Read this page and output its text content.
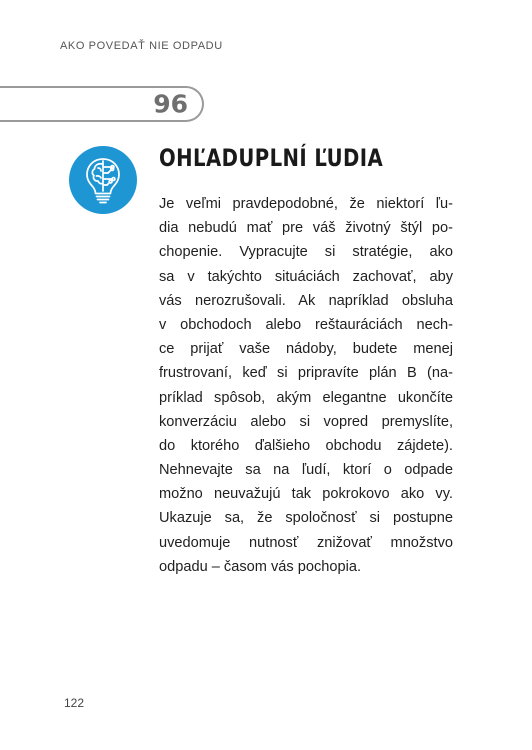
AKO POVEDAŤ NIE ODPADU
96
OHĽADUPLNÍ ĽUDIA
Je veľmi pravdepodobné, že niektorí ľu-
dia nebudú mať pre váš životný štýl po-
chopenie. Vypracujte si stratégie, ako
sa v takýchto situáciách zachovať, aby
vás nerozrušovali. Ak napríklad obsluha
v obchodoch alebo reštauráciách nech-
ce prijať vaše nádoby, budete menej
frustrovaní, keď si pripravíte plán B (na-
príklad spôsob, akým elegantne ukončíte
konverzáciu alebo si vopred premyslíte,
do ktorého ďalšieho obchodu zájdete).
Nehnevajte sa na ľudí, ktorí o odpade
možno neuvažujú tak pokrokovo ako vy.
Ukazuje sa, že spoločnosť si postupne
uvedomuje nutnosť znižovať množstvo
odpadu – časom vás pochopia.
122
